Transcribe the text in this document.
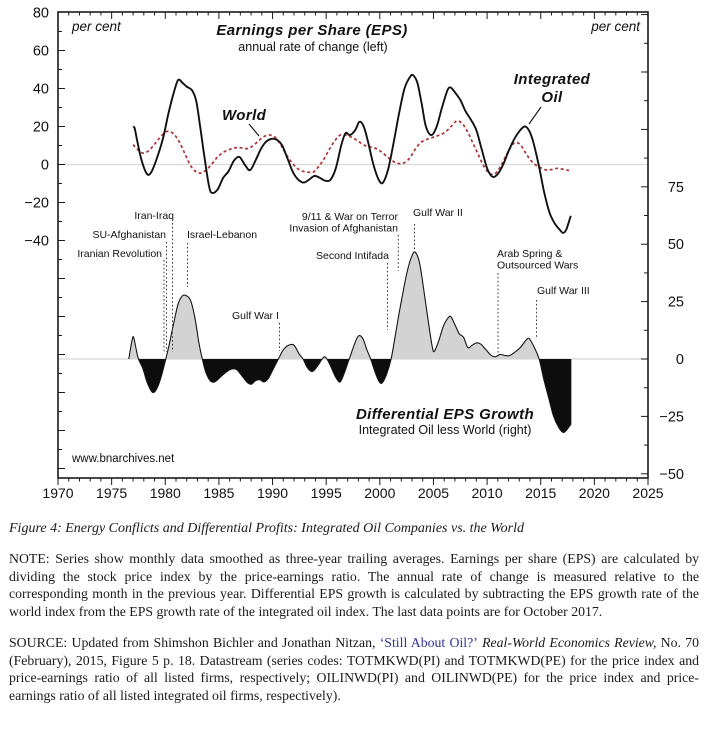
80
60
40
20
0
−20
−40
75
50
25
0
−25
−50
1970 1975 1980 1985 1990 1995 2000 2005 2010 2015 2020 2025
per cent	per cent
Earnings per Share (EPS)
annual rate of change (left)
World
Integrated
Oil
Differential EPS Growth
Integrated Oil less World (right)
www.bnarchives.net
Iranian Revolution
SU-Afghanistan
Iran-Iraq
Israel-Lebanon
Gulf War I
Second Intifada
9/11 & War on Terror
Invasion of Afghanistan
Gulf War II
Arab Spring &
Outsourced Wars
Gulf War III

Figure 4: Energy Conflicts and Differential Profits: Integrated Oil Companies vs. the World

NOTE: Series show monthly data smoothed as three-year trailing averages. Earnings per share (EPS) are calculated by dividing the stock price index by the price-earnings ratio. The annual rate of change is measured relative to the corresponding month in the previous year. Differential EPS growth is calculated by subtracting the EPS growth rate of the world index from the EPS growth rate of the integrated oil index. The last data points are for October 2017.

SOURCE: Updated from Shimshon Bichler and Jonathan Nitzan, ‘Still About Oil?’ Real-World Economics Review, No. 70 (February), 2015, Figure 5 p. 18. Datastream (series codes: TOTMKWD(PI) and TOTMKWD(PE) for the price index and price-earnings ratio of all listed firms, respectively; OILINWD(PI) and OILINWD(PE) for the price index and price-earnings ratio of all listed integrated oil firms, respectively).
